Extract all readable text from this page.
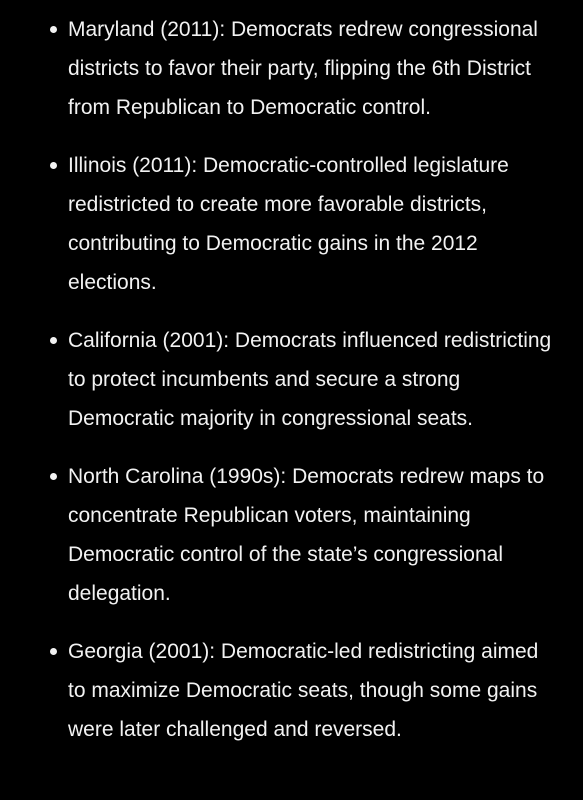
Maryland (2011): Democrats redrew congressional districts to favor their party, flipping the 6th District from Republican to Democratic control.
Illinois (2011): Democratic-controlled legislature redistricted to create more favorable districts, contributing to Democratic gains in the 2012 elections.
California (2001): Democrats influenced redistricting to protect incumbents and secure a strong Democratic majority in congressional seats.
North Carolina (1990s): Democrats redrew maps to concentrate Republican voters, maintaining Democratic control of the state’s congressional delegation.
Georgia (2001): Democratic-led redistricting aimed to maximize Democratic seats, though some gains were later challenged and reversed.
